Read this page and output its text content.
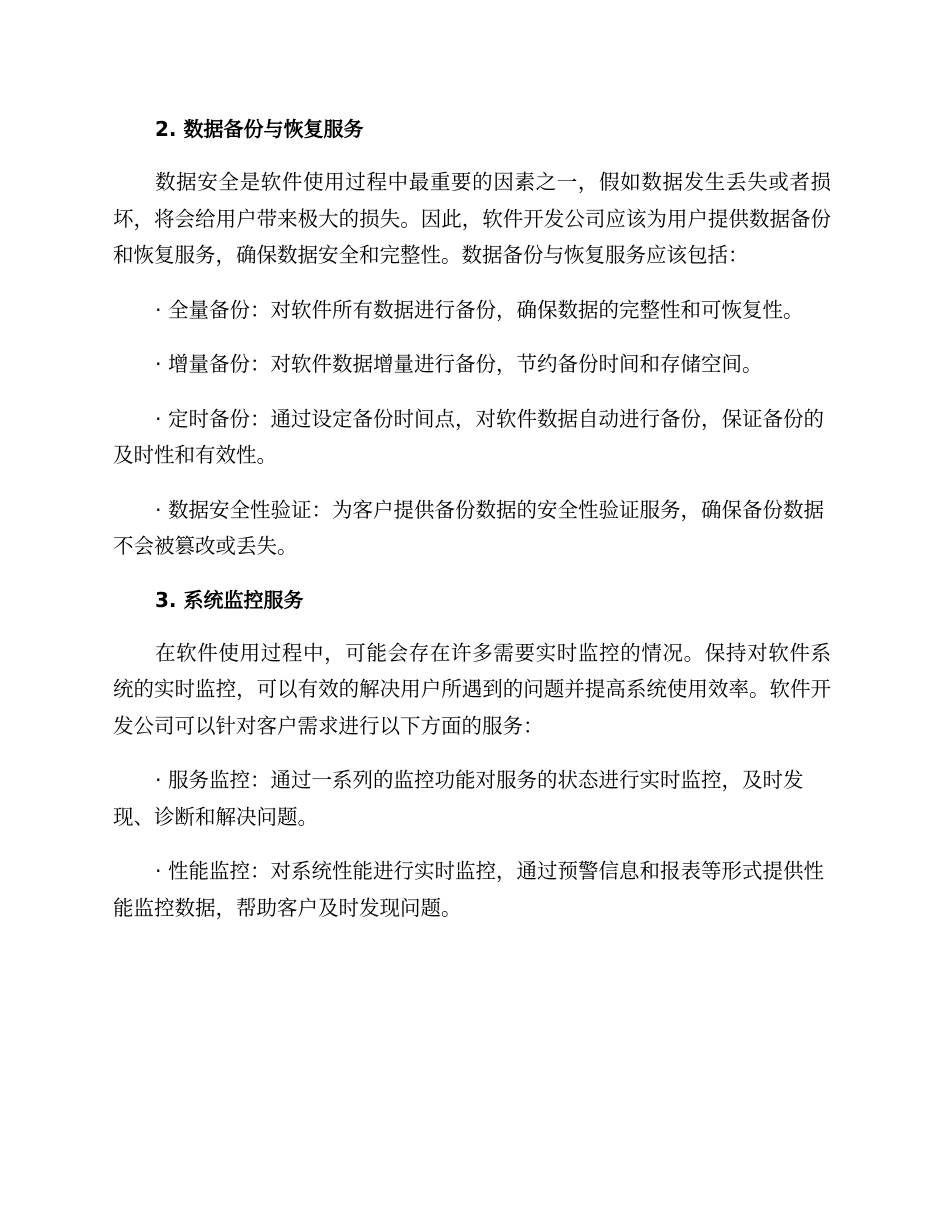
2. 数据备份与恢复服务

数据安全是软件使用过程中最重要的因素之一，假如数据发生丢失或者损坏，将会给用户带来极大的损失。因此，软件开发公司应该为用户提供数据备份和恢复服务，确保数据安全和完整性。数据备份与恢复服务应该包括：

· 全量备份：对软件所有数据进行备份，确保数据的完整性和可恢复性。

· 增量备份：对软件数据增量进行备份，节约备份时间和存储空间。

· 定时备份：通过设定备份时间点，对软件数据自动进行备份，保证备份的及时性和有效性。

· 数据安全性验证：为客户提供备份数据的安全性验证服务，确保备份数据不会被篡改或丢失。

3. 系统监控服务

在软件使用过程中，可能会存在许多需要实时监控的情况。保持对软件系统的实时监控，可以有效的解决用户所遇到的问题并提高系统使用效率。软件开发公司可以针对客户需求进行以下方面的服务：

· 服务监控：通过一系列的监控功能对服务的状态进行实时监控，及时发现、诊断和解决问题。

· 性能监控：对系统性能进行实时监控，通过预警信息和报表等形式提供性能监控数据，帮助客户及时发现问题。
